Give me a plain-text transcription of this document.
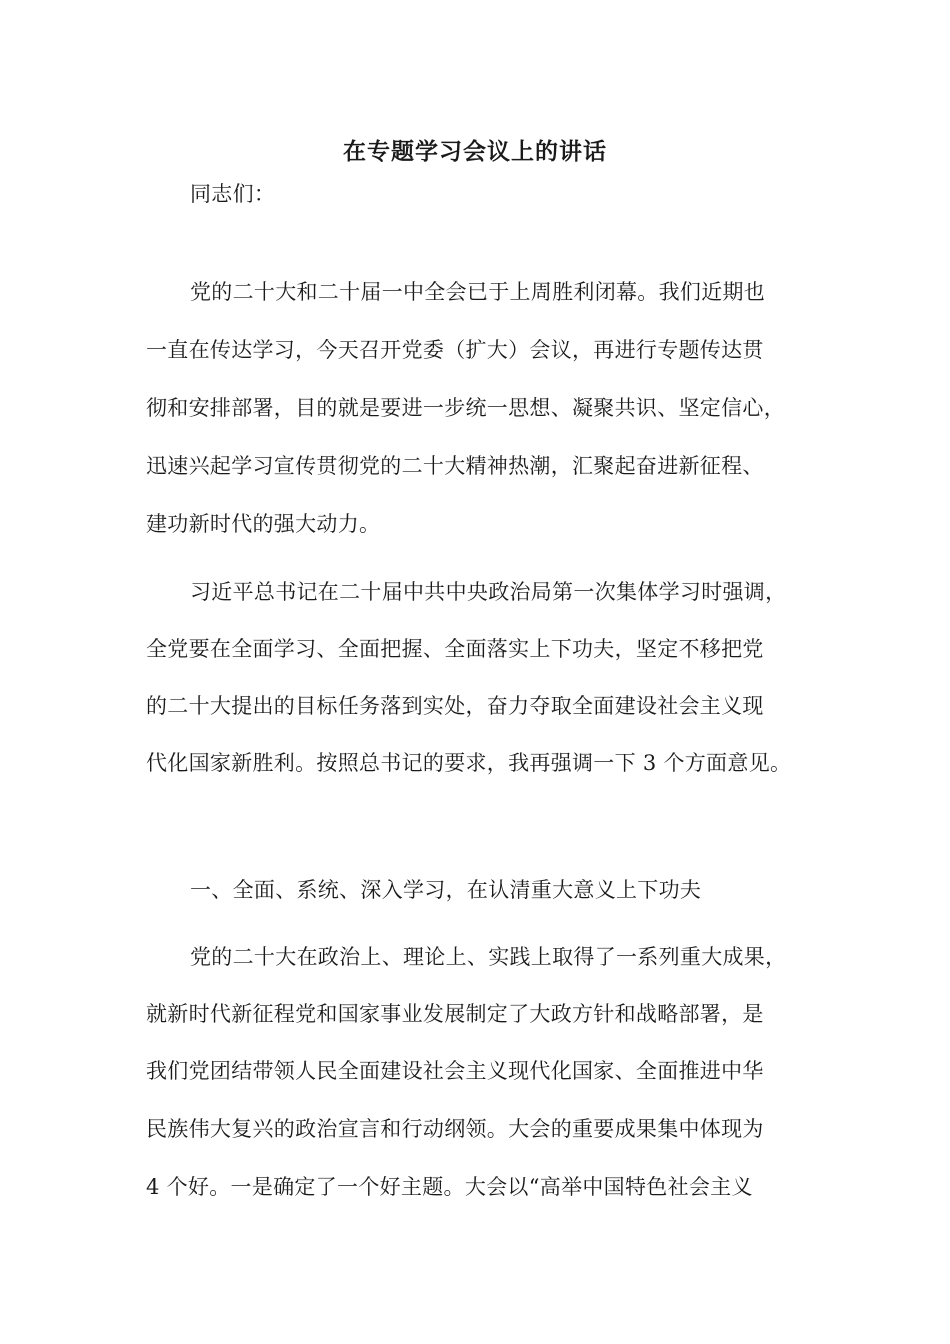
在专题学习会议上的讲话
同志们：
党的二十大和二十届一中全会已于上周胜利闭幕。我们近期也
一直在传达学习，今天召开党委（扩大）会议，再进行专题传达贯
彻和安排部署，目的就是要进一步统一思想、凝聚共识、坚定信心，
迅速兴起学习宣传贯彻党的二十大精神热潮，汇聚起奋进新征程、
建功新时代的强大动力。
习近平总书记在二十届中共中央政治局第一次集体学习时强调，
全党要在全面学习、全面把握、全面落实上下功夫，坚定不移把党
的二十大提出的目标任务落到实处，奋力夺取全面建设社会主义现
代化国家新胜利。按照总书记的要求，我再强调一下 3 个方面意见。
一、全面、系统、深入学习，在认清重大意义上下功夫
党的二十大在政治上、理论上、实践上取得了一系列重大成果，
就新时代新征程党和国家事业发展制定了大政方针和战略部署，是
我们党团结带领人民全面建设社会主义现代化国家、全面推进中华
民族伟大复兴的政治宣言和行动纲领。大会的重要成果集中体现为
4 个好。一是确定了一个好主题。大会以“高举中国特色社会主义
